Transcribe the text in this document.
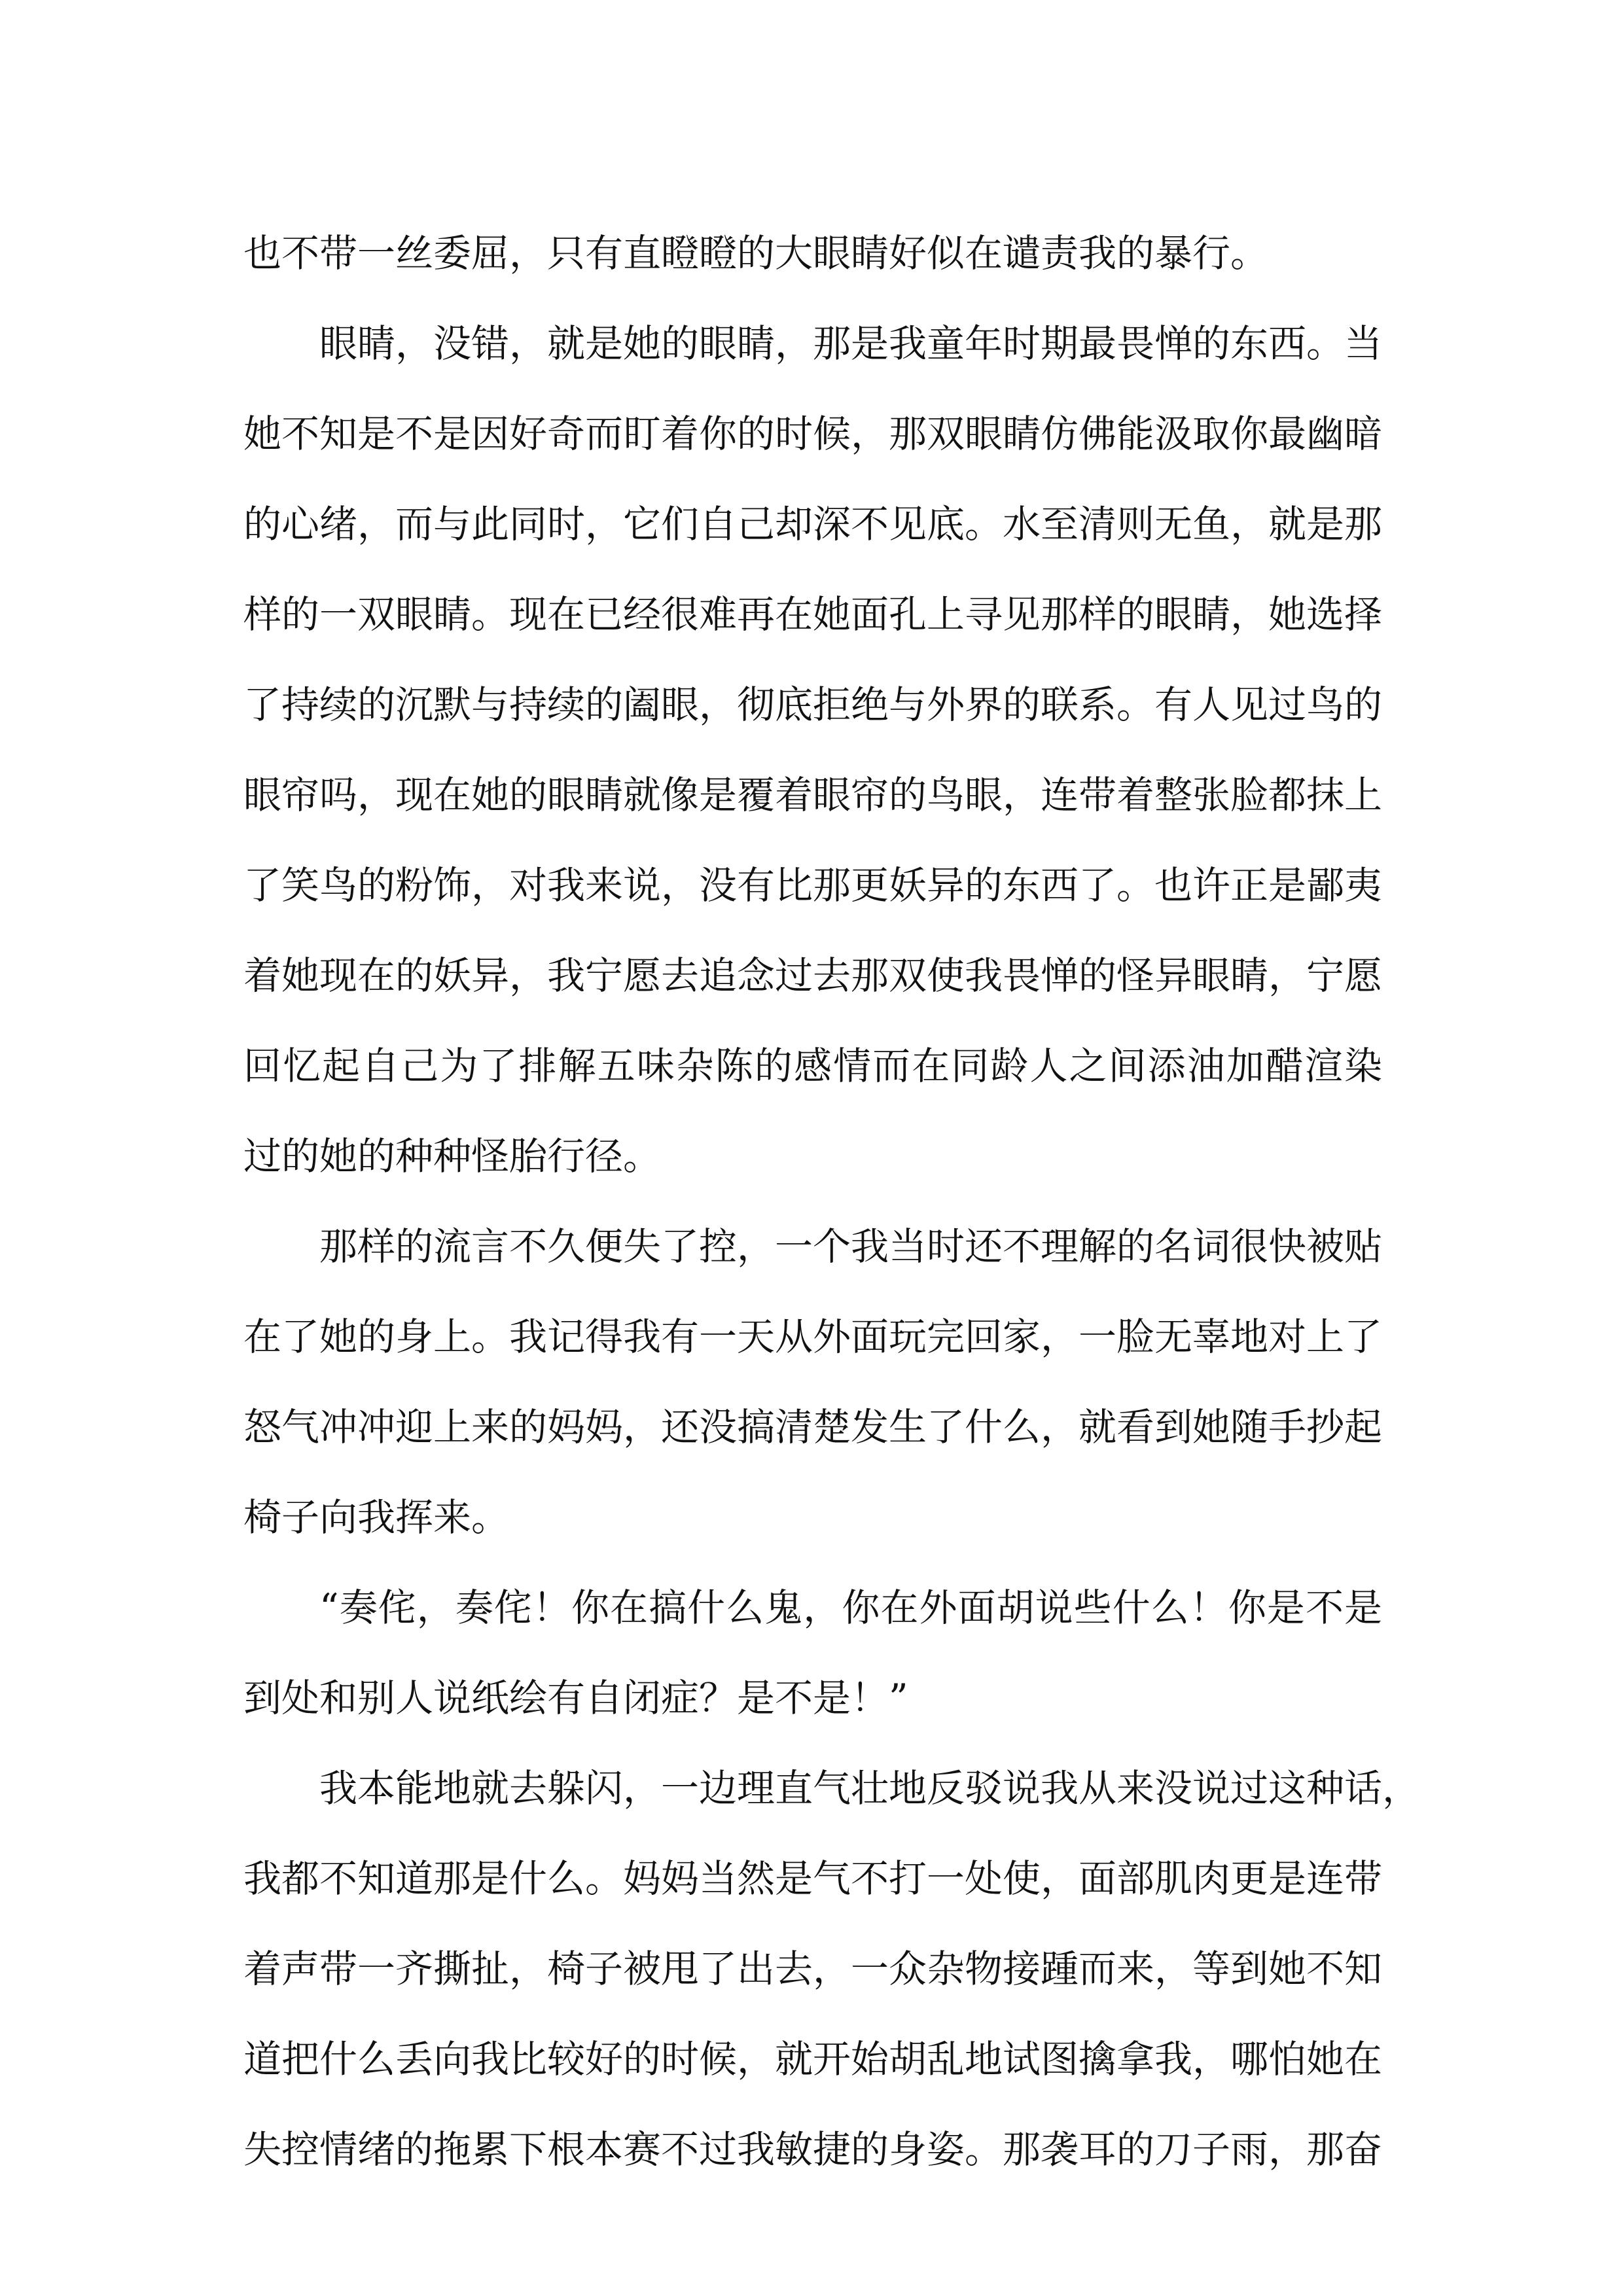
也不带一丝委屈，只有直瞪瞪的大眼睛好似在谴责我的暴行。
眼睛，没错，就是她的眼睛，那是我童年时期最畏惮的东西。当
她不知是不是因好奇而盯着你的时候，那双眼睛仿佛能汲取你最幽暗
的心绪，而与此同时，它们自己却深不见底。水至清则无鱼，就是那
样的一双眼睛。现在已经很难再在她面孔上寻见那样的眼睛，她选择
了持续的沉默与持续的阖眼，彻底拒绝与外界的联系。有人见过鸟的
眼帘吗，现在她的眼睛就像是覆着眼帘的鸟眼，连带着整张脸都抹上
了笑鸟的粉饰，对我来说，没有比那更妖异的东西了。也许正是鄙夷
着她现在的妖异，我宁愿去追念过去那双使我畏惮的怪异眼睛，宁愿
回忆起自己为了排解五味杂陈的感情而在同龄人之间添油加醋渲染
过的她的种种怪胎行径。
那样的流言不久便失了控，一个我当时还不理解的名词很快被贴
在了她的身上。我记得我有一天从外面玩完回家，一脸无辜地对上了
怒气冲冲迎上来的妈妈，还没搞清楚发生了什么，就看到她随手抄起
椅子向我挥来。
“奏侘，奏侘！你在搞什么鬼，你在外面胡说些什么！你是不是
到处和别人说纸绘有自闭症？是不是！”
我本能地就去躲闪，一边理直气壮地反驳说我从来没说过这种话，
我都不知道那是什么。妈妈当然是气不打一处使，面部肌肉更是连带
着声带一齐撕扯，椅子被甩了出去，一众杂物接踵而来，等到她不知
道把什么丢向我比较好的时候，就开始胡乱地试图擒拿我，哪怕她在
失控情绪的拖累下根本赛不过我敏捷的身姿。那袭耳的刀子雨，那奋
